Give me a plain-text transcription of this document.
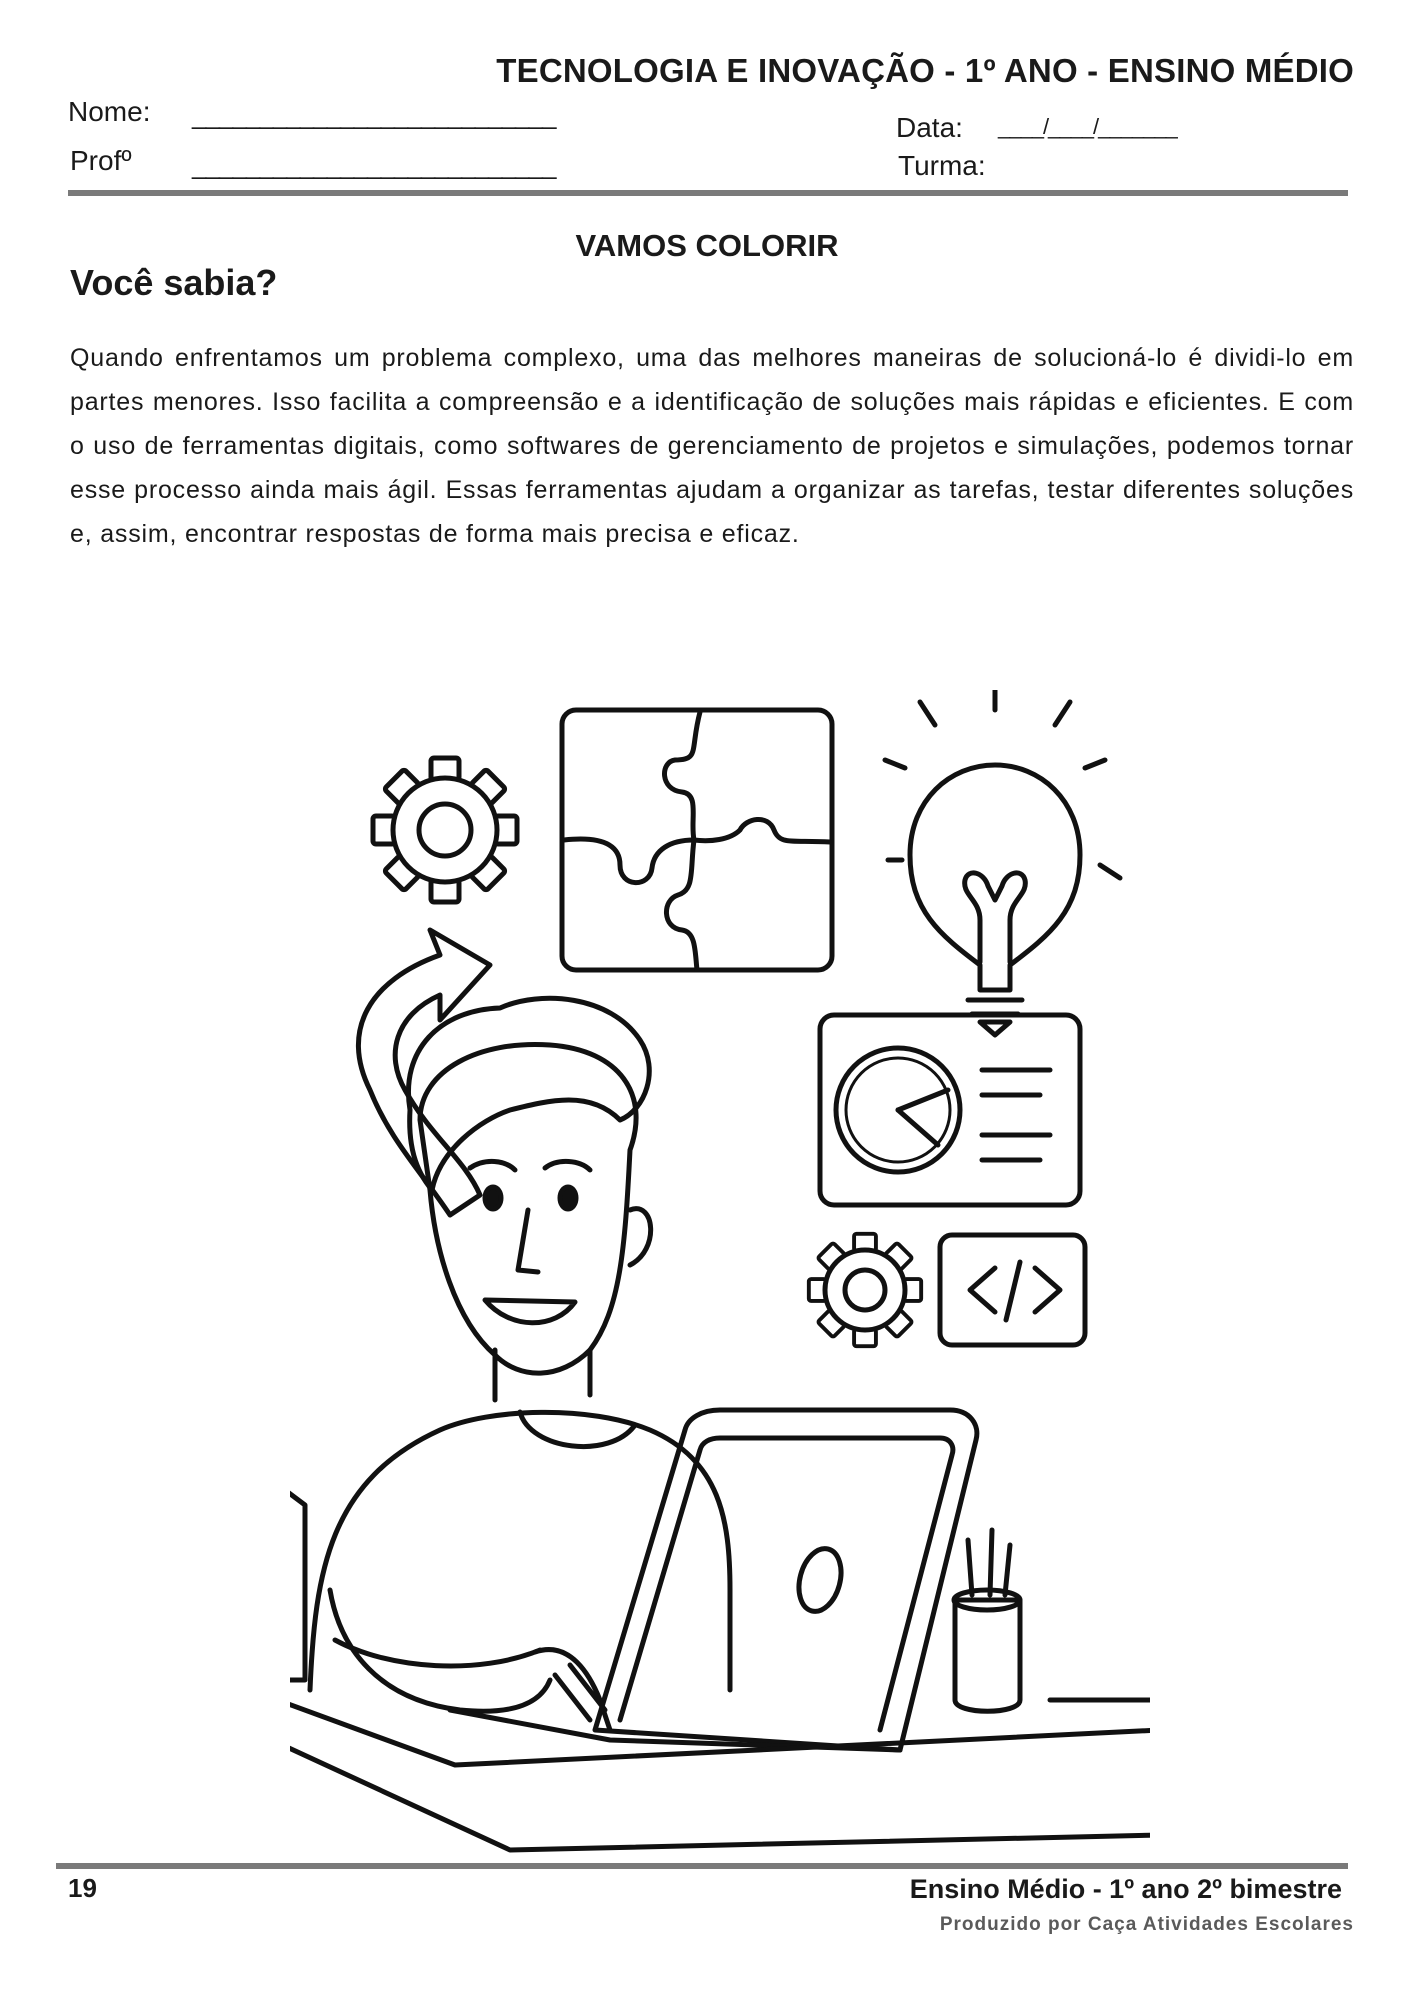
TECNOLOGIA E INOVAÇÃO - 1º ANO - ENSINO MÉDIO
Nome: ___________________________
Profº ___________________________
Data: ____/____/_______
Turma:
VAMOS COLORIR
Você sabia?
Quando enfrentamos um problema complexo, uma das melhores maneiras de solucioná-lo é dividi-lo em partes menores. Isso facilita a compreensão e a identificação de soluções mais rápidas e eficientes. E com o uso de ferramentas digitais, como softwares de gerenciamento de projetos e simulações, podemos tornar esse processo ainda mais ágil. Essas ferramentas ajudam a organizar as tarefas, testar diferentes soluções e, assim, encontrar respostas de forma mais precisa e eficaz.
19	Ensino Médio - 1º ano 2º bimestre
Produzido por Caça Atividades Escolares
